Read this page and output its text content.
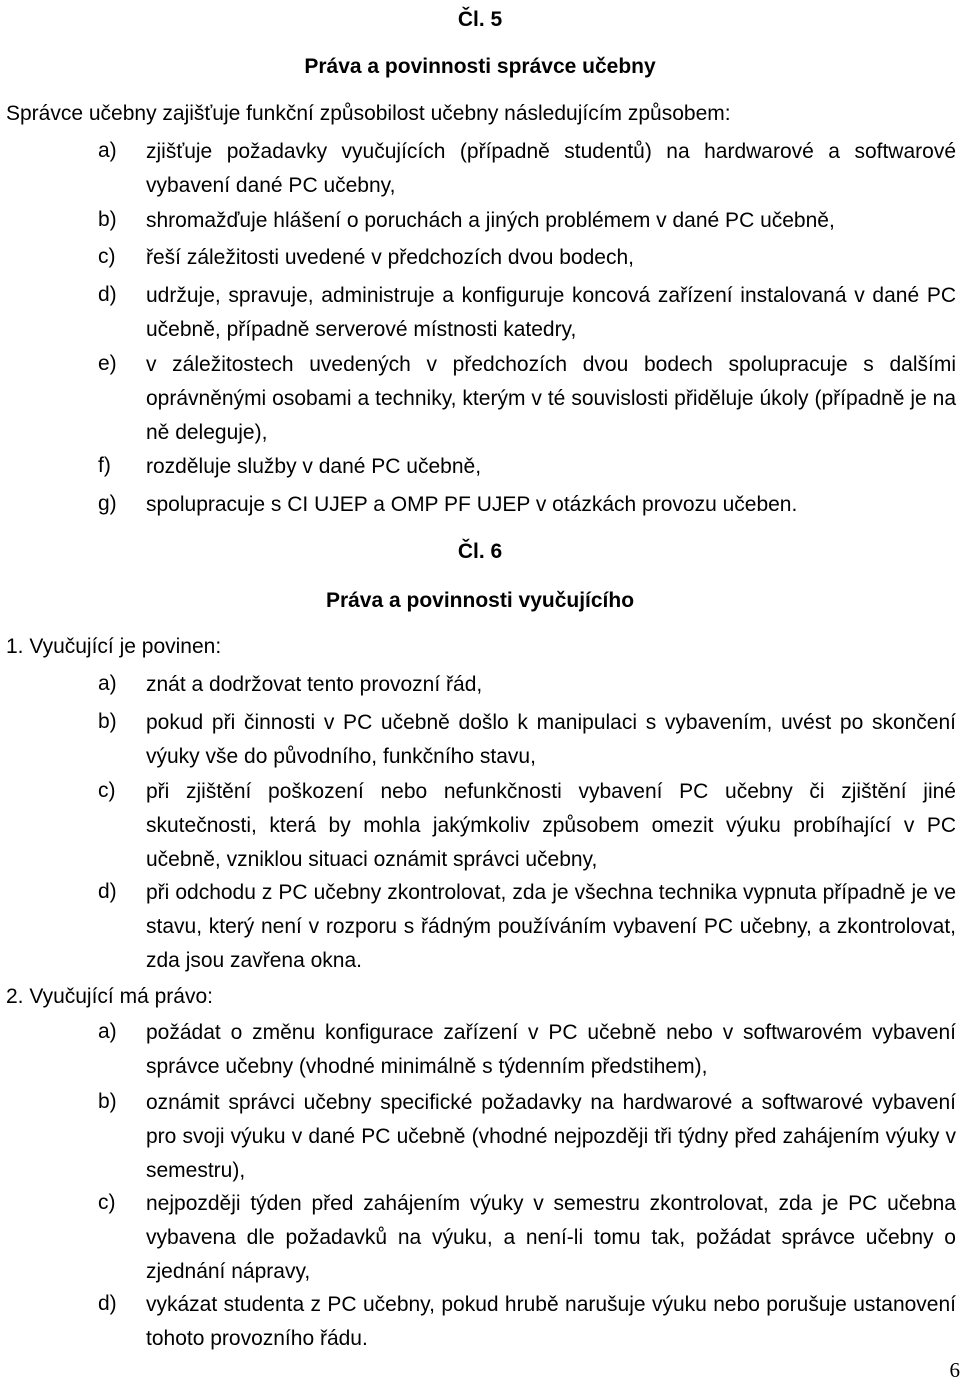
Čl. 5
Práva a povinnosti správce učebny
Správce učebny zajišťuje funkční způsobilost učebny následujícím způsobem:
a)	zjišťuje požadavky vyučujících (případně studentů) na hardwarové a softwarové vybavení dané PC učebny,
b)	shromažďuje hlášení o poruchách a jiných problémem v dané PC učebně,
c)	řeší záležitosti uvedené v předchozích dvou bodech,
d)	udržuje, spravuje, administruje a konfiguruje koncová zařízení instalovaná v dané PC učebně, případně serverové místnosti katedry,
e)	v záležitostech uvedených v předchozích dvou bodech spolupracuje s dalšími oprávněnými osobami a techniky, kterým v té souvislosti přiděluje úkoly (případně je na ně deleguje),
f)	rozděluje služby v dané PC učebně,
g)	spolupracuje s CI UJEP a OMP PF UJEP v otázkách provozu učeben.
Čl. 6
Práva a povinnosti vyučujícího
1. Vyučující je povinen:
a)	znát a dodržovat tento provozní řád,
b)	pokud při činnosti v PC učebně došlo k manipulaci s vybavením, uvést po skončení výuky vše do původního, funkčního stavu,
c)	při zjištění poškození nebo nefunkčnosti vybavení PC učebny či zjištění jiné skutečnosti, která by mohla jakýmkoliv způsobem omezit výuku probíhající v PC učebně, vzniklou situaci oznámit správci učebny,
d)	při odchodu z PC učebny zkontrolovat, zda je všechna technika vypnuta případně je ve stavu, který není v rozporu s řádným používáním vybavení PC učebny, a zkontrolovat, zda jsou zavřena okna.
2. Vyučující má právo:
a)	požádat o změnu konfigurace zařízení v PC učebně nebo v softwarovém vybavení správce učebny (vhodné minimálně s týdenním předstihem),
b)	oznámit správci učebny specifické požadavky na hardwarové a softwarové vybavení pro svoji výuku v dané PC učebně (vhodné nejpozději tři týdny před zahájením výuky v semestru),
c)	nejpozději týden před zahájením výuky v semestru zkontrolovat, zda je PC učebna vybavena dle požadavků na výuku, a není-li tomu tak, požádat správce učebny o zjednání nápravy,
d)	vykázat studenta z PC učebny, pokud hrubě narušuje výuku nebo porušuje ustanovení tohoto provozního řádu.
6
